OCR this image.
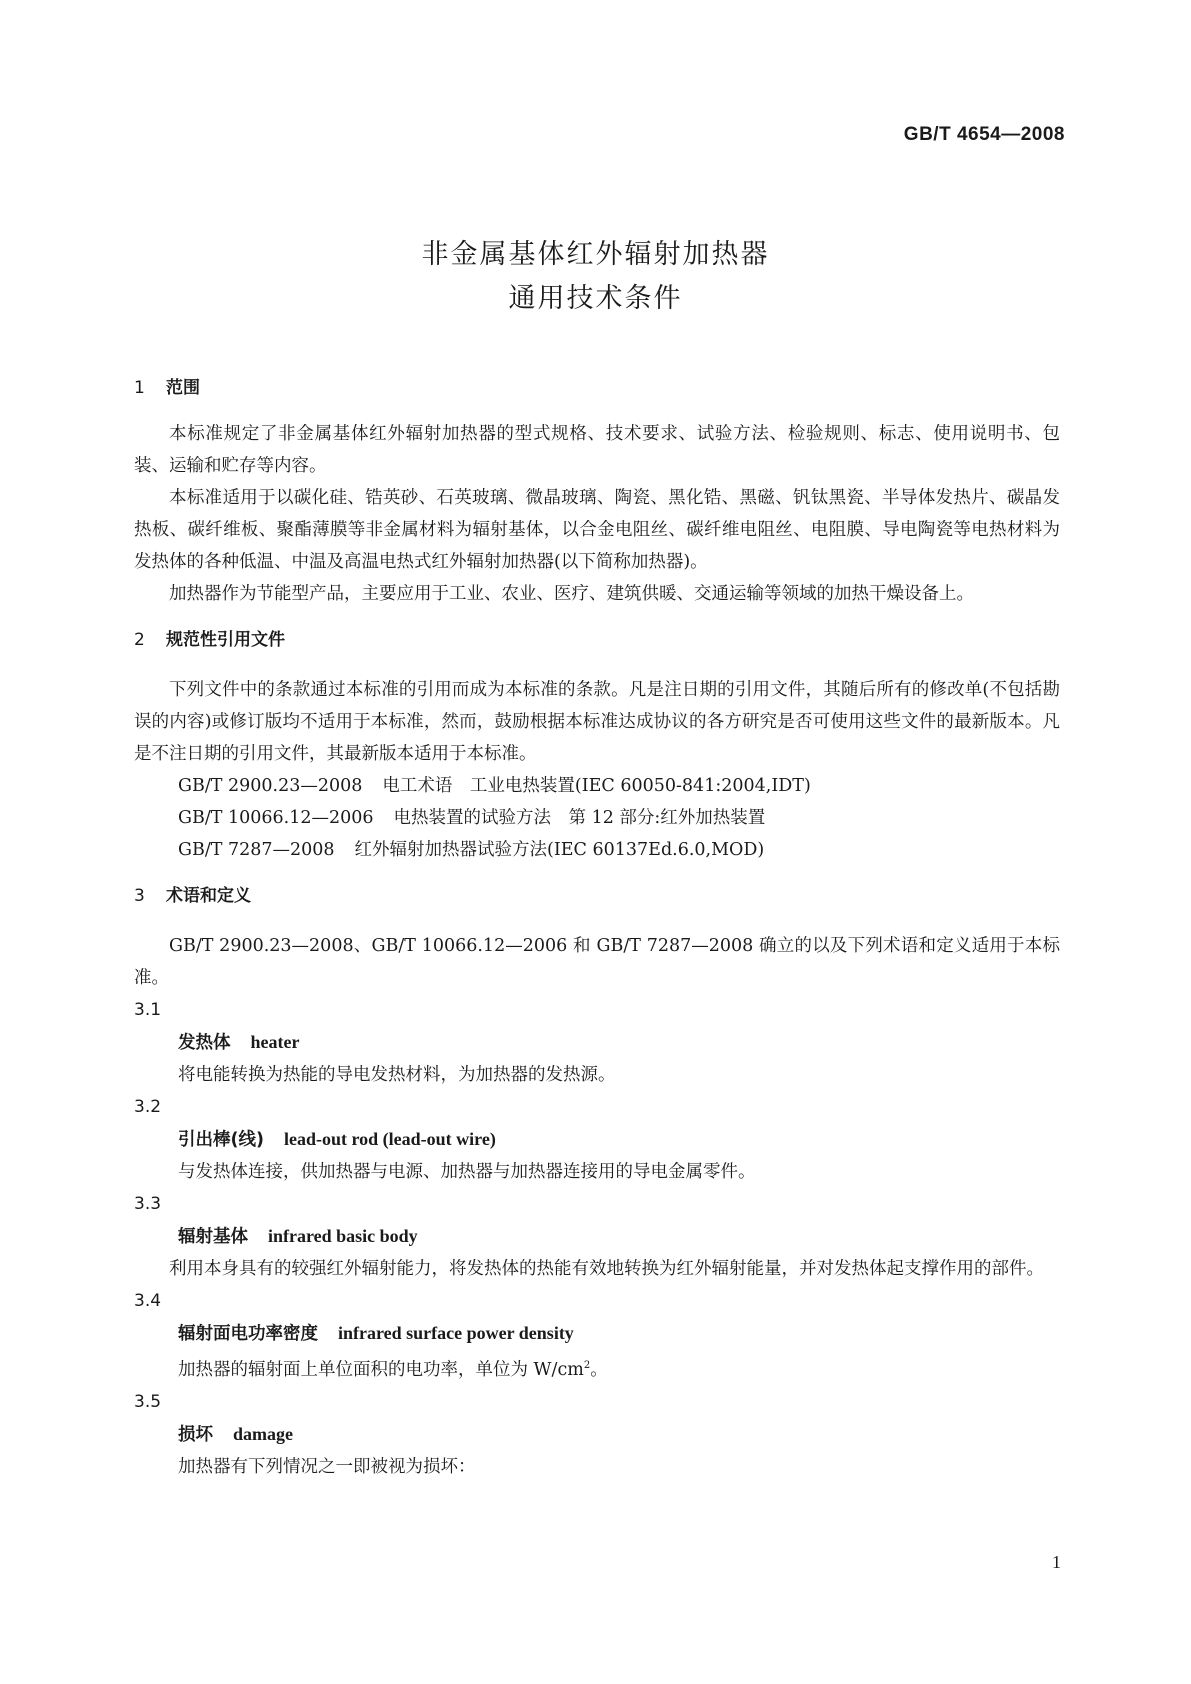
GB/T 4654—2008
非金属基体红外辐射加热器
通用技术条件
1 范围

本标准规定了非金属基体红外辐射加热器的型式规格、技术要求、试验方法、检验规则、标志、使用说明书、包装、运输和贮存等内容。

本标准适用于以碳化硅、锆英砂、石英玻璃、微晶玻璃、陶瓷、黑化锆、黑磁、钒钛黑瓷、半导体发热片、碳晶发热板、碳纤维板、聚酯薄膜等非金属材料为辐射基体，以合金电阻丝、碳纤维电阻丝、电阻膜、导电陶瓷等电热材料为发热体的各种低温、中温及高温电热式红外辐射加热器(以下简称加热器)。

加热器作为节能型产品，主要应用于工业、农业、医疗、建筑供暖、交通运输等领域的加热干燥设备上。

2 规范性引用文件

下列文件中的条款通过本标准的引用而成为本标准的条款。凡是注日期的引用文件，其随后所有的修改单(不包括勘误的内容)或修订版均不适用于本标准，然而，鼓励根据本标准达成协议的各方研究是否可使用这些文件的最新版本。凡是不注日期的引用文件，其最新版本适用于本标准。

GB/T 2900.23—2008 电工术语　工业电热装置(IEC 60050-841:2004,IDT)

GB/T 10066.12—2006 电热装置的试验方法　第 12 部分:红外加热装置

GB/T 7287—2008 红外辐射加热器试验方法(IEC 60137Ed.6.0,MOD)

3 术语和定义

GB/T 2900.23—2008、GB/T 10066.12—2006 和 GB/T 7287—2008 确立的以及下列术语和定义适用于本标准。

3.1

发热体 heater

将电能转换为热能的导电发热材料，为加热器的发热源。

3.2

引出棒(线) lead-out rod (lead-out wire)

与发热体连接，供加热器与电源、加热器与加热器连接用的导电金属零件。

3.3

辐射基体 infrared basic body

利用本身具有的较强红外辐射能力，将发热体的热能有效地转换为红外辐射能量，并对发热体起支撑作用的部件。

3.4

辐射面电功率密度 infrared surface power density

加热器的辐射面上单位面积的电功率，单位为 $W/cm^2$。

3.5

损坏 damage

加热器有下列情况之一即被视为损坏：

1
